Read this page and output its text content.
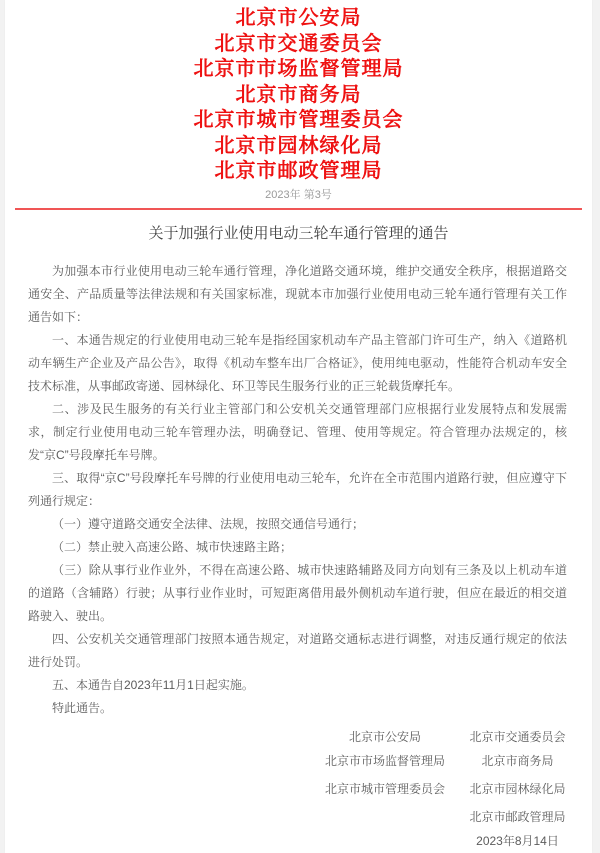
北京市公安局
北京市交通委员会
北京市市场监督管理局
北京市商务局
北京市城市管理委员会
北京市园林绿化局
北京市邮政管理局
2023年 第3号
关于加强行业使用电动三轮车通行管理的通告

为加强本市行业使用电动三轮车通行管理，净化道路交通环境，维护交通安全秩序，根据道路交通安全、产品质量等法律法规和有关国家标准，现就本市加强行业使用电动三轮车通行管理有关工作通告如下：

一、本通告规定的行业使用电动三轮车是指经国家机动车产品主管部门许可生产，纳入《道路机动车辆生产企业及产品公告》，取得《机动车整车出厂合格证》，使用纯电驱动，性能符合机动车安全技术标准，从事邮政寄递、园林绿化、环卫等民生服务行业的正三轮载货摩托车。

二、涉及民生服务的有关行业主管部门和公安机关交通管理部门应根据行业发展特点和发展需求，制定行业使用电动三轮车管理办法，明确登记、管理、使用等规定。符合管理办法规定的，核发“京C”号段摩托车号牌。

三、取得“京C”号段摩托车号牌的行业使用电动三轮车，允许在全市范围内道路行驶，但应遵守下列通行规定：

（一）遵守道路交通安全法律、法规，按照交通信号通行；

（二）禁止驶入高速公路、城市快速路主路；

（三）除从事行业作业外，不得在高速公路、城市快速路辅路及同方向划有三条及以上机动车道的道路（含辅路）行驶；从事行业作业时，可短距离借用最外侧机动车道行驶，但应在最近的相交道路驶入、驶出。

四、公安机关交通管理部门按照本通告规定，对道路交通标志进行调整，对违反通行规定的依法进行处罚。

五、本通告自2023年11月1日起实施。

特此通告。

北京市公安局	北京市交通委员会
北京市市场监督管理局	北京市商务局
北京市城市管理委员会	北京市园林绿化局
北京市邮政管理局
2023年8月14日
